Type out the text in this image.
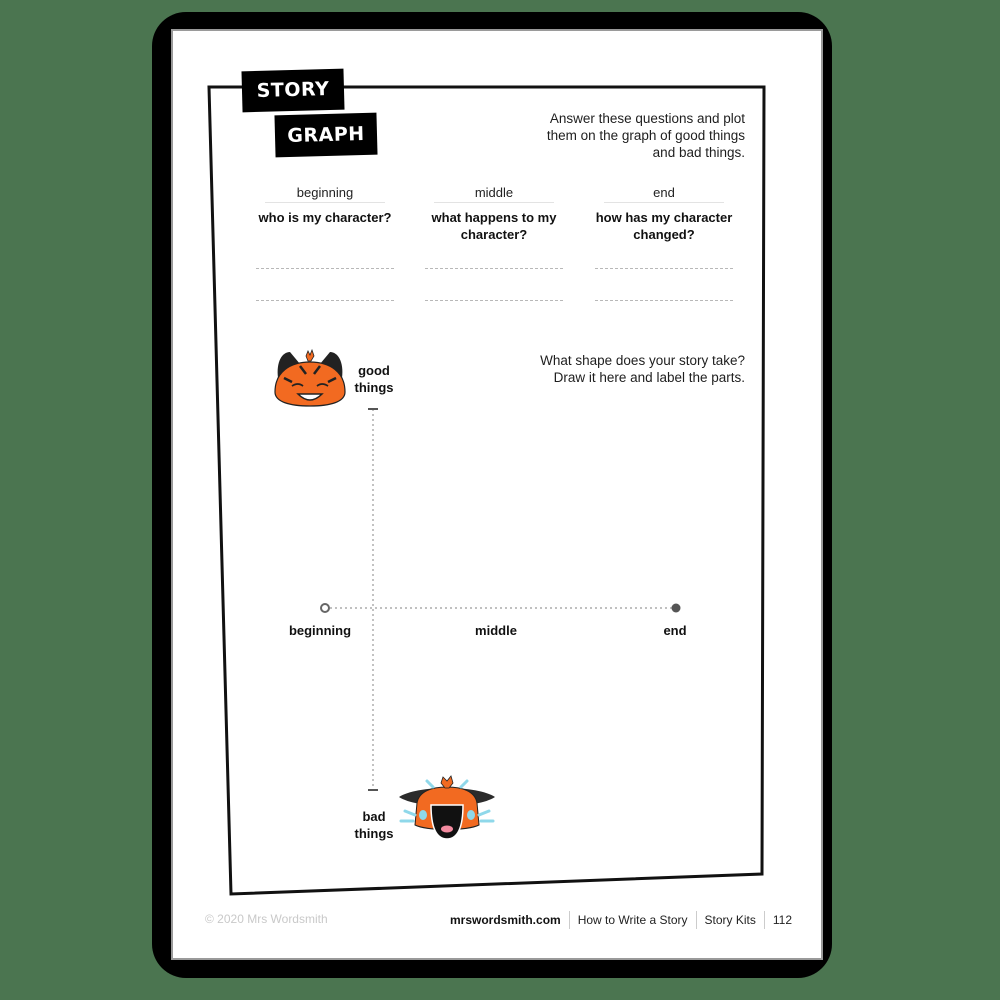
STORY
GRAPH
Answer these questions and plot them on the graph of good things and bad things.
beginning
who is my character?
middle
what happens to my character?
end
how has my character changed?
What shape does your story take? Draw it here and label the parts.
good things
beginning	middle	end
bad things
© 2020 Mrs Wordsmith	mrswordsmith.com How to Write a Story Story Kits 112
